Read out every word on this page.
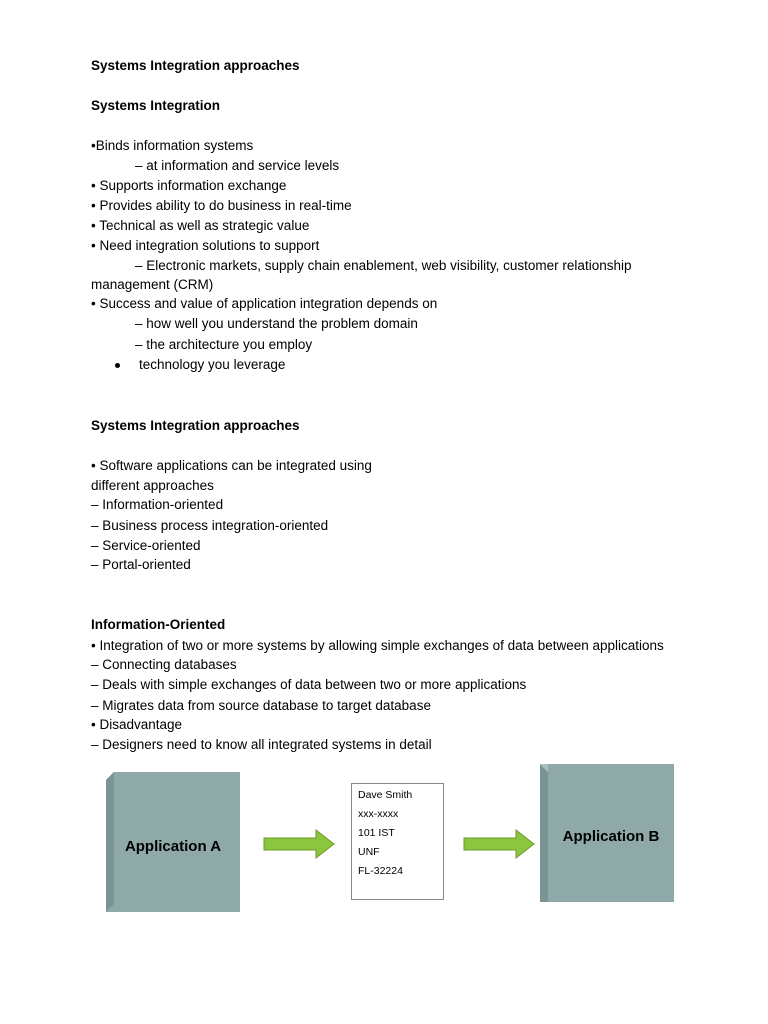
Systems Integration approaches

Systems Integration

•Binds information systems

– at information and service levels

• Supports information exchange

• Provides ability to do business in real-time

• Technical as well as strategic value

• Need integration solutions to support

– Electronic markets, supply chain enablement, web visibility, customer relationship

management (CRM)

• Success and value of application integration depends on

– how well you understand the problem domain

– the architecture you employ

technology you leverage

Systems Integration approaches

• Software applications can be integrated using

different approaches

– Information-oriented

– Business process integration-oriented

– Service-oriented

– Portal-oriented

Information-Oriented

• Integration of two or more systems by allowing simple exchanges of data between applications

– Connecting databases

– Deals with simple exchanges of data between two or more applications

– Migrates data from source database to target database

• Disadvantage

– Designers need to know all integrated systems in detail

Application A
Application B
Dave Smith
xxx-xxxx
101 IST
UNF
FL-32224
